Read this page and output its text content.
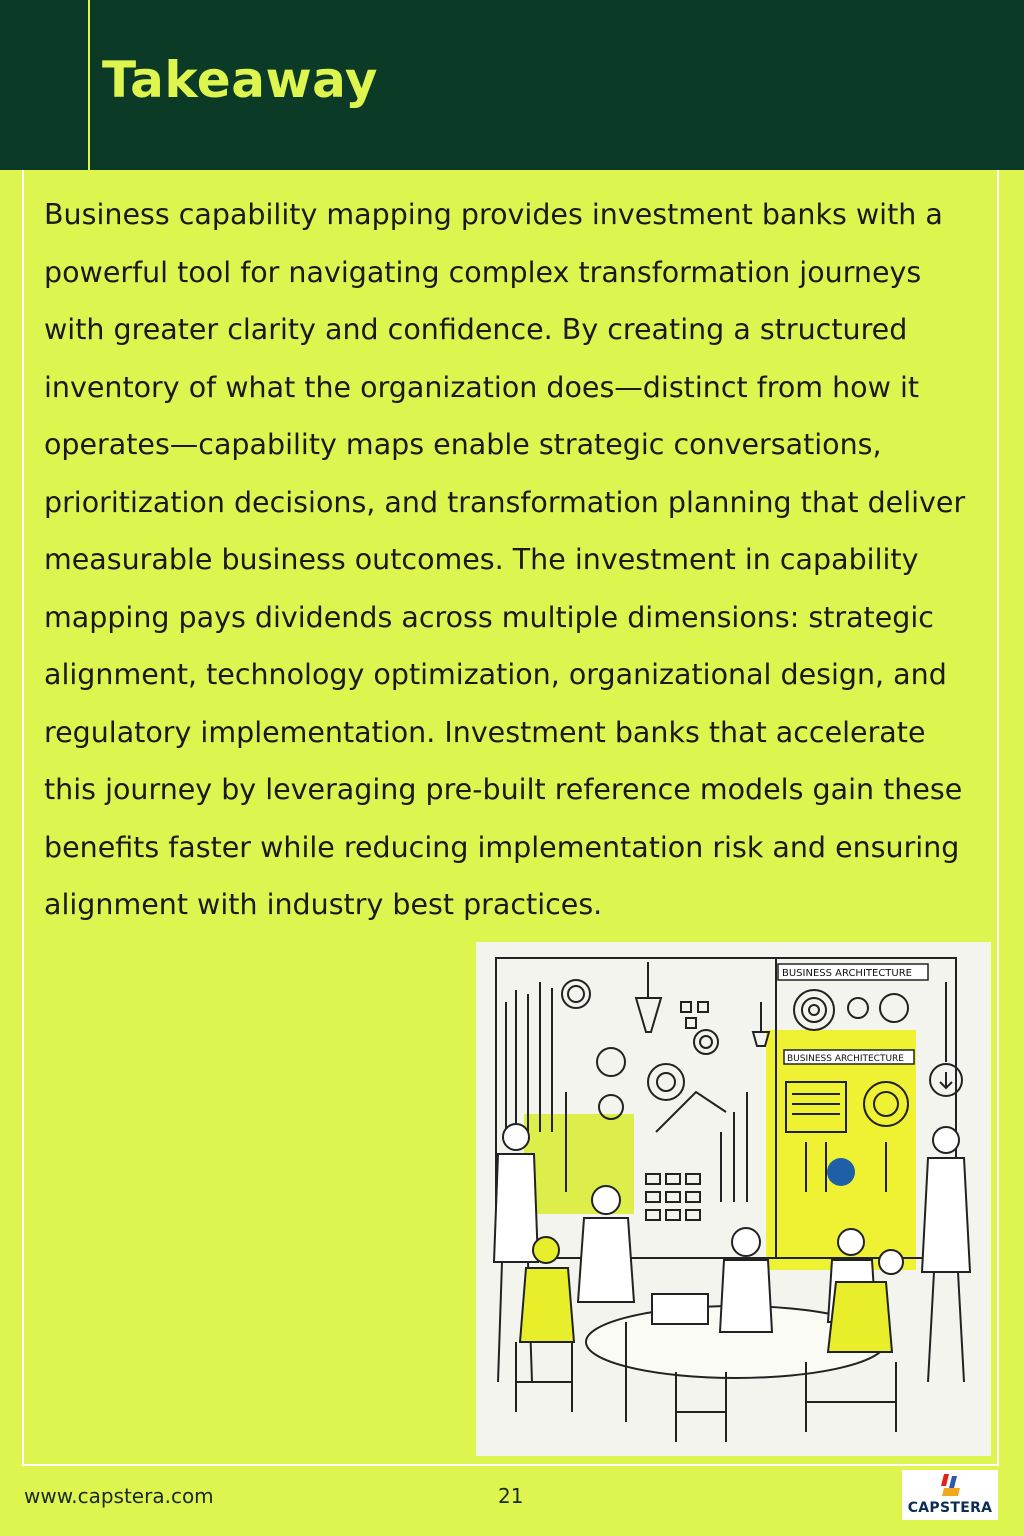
Takeaway

Business capability mapping provides investment banks with a powerful tool for navigating complex transformation journeys with greater clarity and confidence. By creating a structured inventory of what the organization does—distinct from how it operates—capability maps enable strategic conversations, prioritization decisions, and transformation planning that deliver measurable business outcomes. The investment in capability mapping pays dividends across multiple dimensions: strategic alignment, technology optimization, organizational design, and regulatory implementation. Investment banks that accelerate this journey by leveraging pre-built reference models gain these benefits faster while reducing implementation risk and ensuring alignment with industry best practices.

BUSINESS ARCHITECTURE
BUSINESS ARCHITECTURE
www.capstera.com	21	CAPSTERA
